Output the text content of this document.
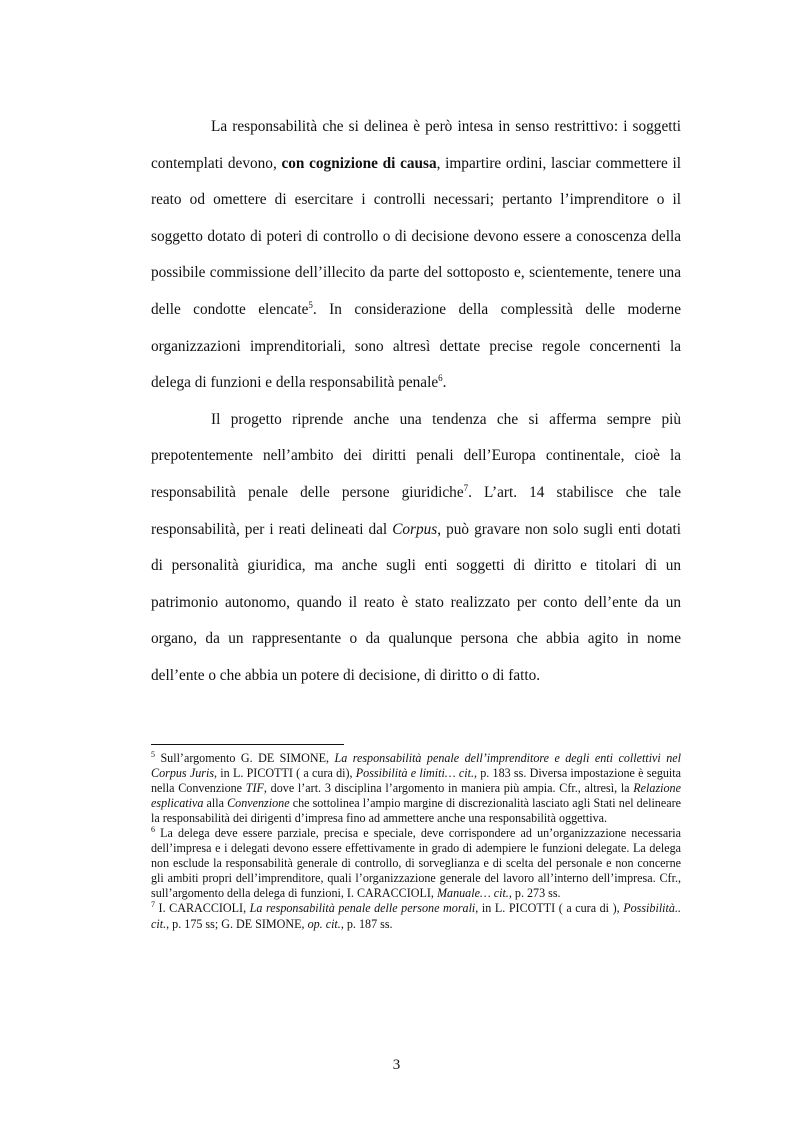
La responsabilità che si delinea è però intesa in senso restrittivo: i soggetti contemplati devono, con cognizione di causa, impartire ordini, lasciar commettere il reato od omettere di esercitare i controlli necessari; pertanto l’imprenditore o il soggetto dotato di poteri di controllo o di decisione devono essere a conoscenza della possibile commissione dell’illecito da parte del sottoposto e, scientemente, tenere una delle condotte elencate$^5$. In considerazione della complessità delle moderne organizzazioni imprenditoriali, sono altresì dettate precise regole concernenti la delega di funzioni e della responsabilità penale$^6$.

Il progetto riprende anche una tendenza che si afferma sempre più prepotentemente nell’ambito dei diritti penali dell’Europa continentale, cioè la responsabilità penale delle persone giuridiche$^7$. L’art. 14 stabilisce che tale responsabilità, per i reati delineati dal Corpus, può gravare non solo sugli enti dotati di personalità giuridica, ma anche sugli enti soggetti di diritto e titolari di un patrimonio autonomo, quando il reato è stato realizzato per conto dell’ente da un organo, da un rappresentante o da qualunque persona che abbia agito in nome dell’ente o che abbia un potere di decisione, di diritto o di fatto.

$^5$ Sull’argomento G. DE SIMONE, La responsabilità penale dell’imprenditore e degli enti collettivi nel Corpus Juris, in L. PICOTTI ( a cura di), Possibilità e limiti… cit., p. 183 ss. Diversa impostazione è seguita nella Convenzione TIF, dove l’art. 3 disciplina l’argomento in maniera più ampia. Cfr., altresì, la Relazione esplicativa alla Convenzione che sottolinea l’ampio margine di discrezionalità lasciato agli Stati nel delineare la responsabilità dei dirigenti d’impresa fino ad ammettere anche una responsabilità oggettiva.

$^6$ La delega deve essere parziale, precisa e speciale, deve corrispondere ad un’organizzazione necessaria dell’impresa e i delegati devono essere effettivamente in grado di adempiere le funzioni delegate. La delega non esclude la responsabilità generale di controllo, di sorveglianza e di scelta del personale e non concerne gli ambiti propri dell’imprenditore, quali l’organizzazione generale del lavoro all’interno dell’impresa. Cfr., sull’argomento della delega di funzioni, I. CARACCIOLI, Manuale… cit., p. 273 ss.

$^7$ I. CARACCIOLI, La responsabilità penale delle persone morali, in L. PICOTTI ( a cura di ), Possibilità.. cit., p. 175 ss; G. DE SIMONE, op. cit., p. 187 ss.

3
